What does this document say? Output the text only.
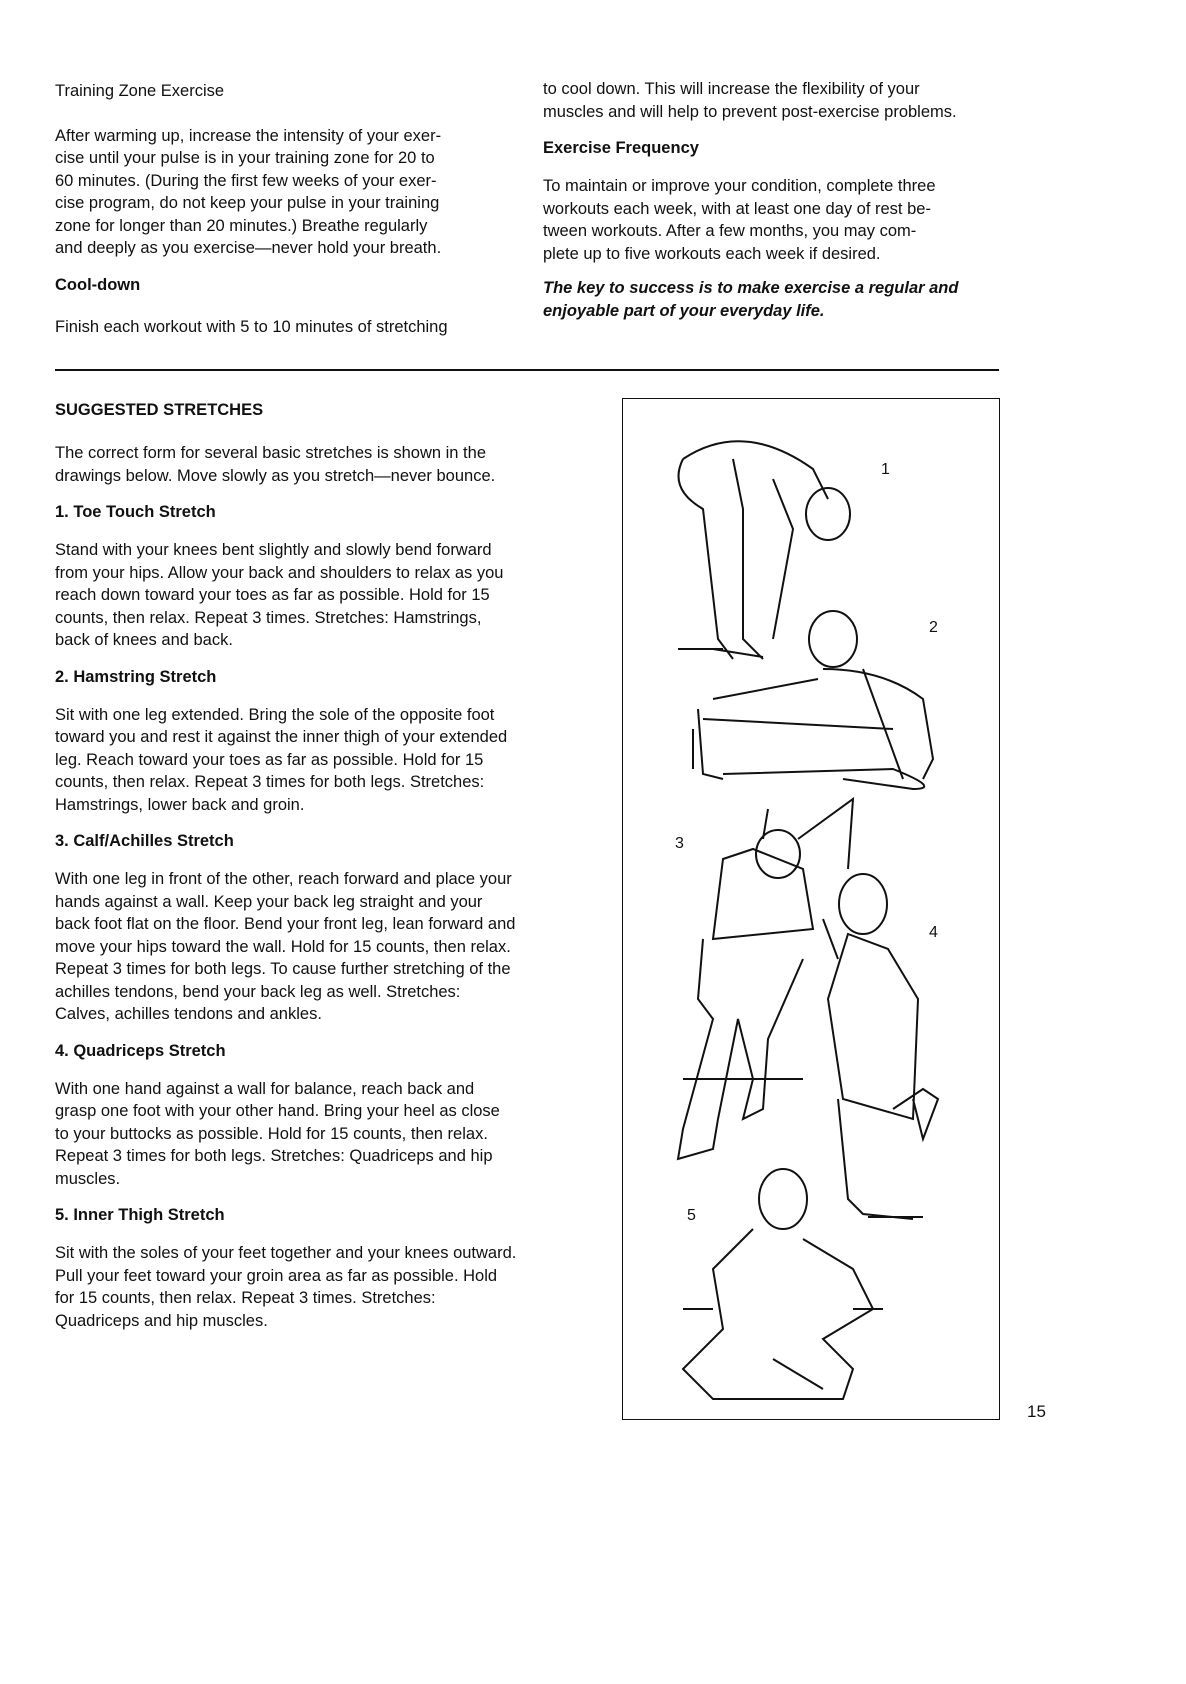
Training Zone Exercise
After warming up, increase the intensity of your exer-
cise until your pulse is in your training zone for 20 to
60 minutes. (During the first few weeks of your exer-
cise program, do not keep your pulse in your training
zone for longer than 20 minutes.) Breathe regularly
and deeply as you exercise—never hold your breath.
Cool-down
Finish each workout with 5 to 10 minutes of stretching
to cool down. This will increase the flexibility of your
muscles and will help to prevent post-exercise problems.
Exercise Frequency
To maintain or improve your condition, complete three
workouts each week, with at least one day of rest be-
tween workouts. After a few months, you may com-
plete up to five workouts each week if desired.
The key to success is to make exercise a regular and
enjoyable part of your everyday life.
SUGGESTED STRETCHES
The correct form for several basic stretches is shown in the
drawings below. Move slowly as you stretch—never bounce.
1. Toe Touch Stretch
Stand with your knees bent slightly and slowly bend forward
from your hips. Allow your back and shoulders to relax as you
reach down toward your toes as far as possible. Hold for 15
counts, then relax. Repeat 3 times. Stretches: Hamstrings,
back of knees and back.
2. Hamstring Stretch
Sit with one leg extended. Bring the sole of the opposite foot
toward you and rest it against the inner thigh of your extended
leg. Reach toward your toes as far as possible. Hold for 15
counts, then relax. Repeat 3 times for both legs. Stretches:
Hamstrings, lower back and groin.
3. Calf/Achilles Stretch
With one leg in front of the other, reach forward and place your
hands against a wall. Keep your back leg straight and your
back foot flat on the floor. Bend your front leg, lean forward and
move your hips toward the wall. Hold for 15 counts, then relax.
Repeat 3 times for both legs. To cause further stretching of the
achilles tendons, bend your back leg as well. Stretches:
Calves, achilles tendons and ankles.
4. Quadriceps Stretch
With one hand against a wall for balance, reach back and
grasp one foot with your other hand. Bring your heel as close
to your buttocks as possible. Hold for 15 counts, then relax.
Repeat 3 times for both legs. Stretches: Quadriceps and hip
muscles.
5. Inner Thigh Stretch
Sit with the soles of your feet together and your knees outward.
Pull your feet toward your groin area as far as possible. Hold
for 15 counts, then relax. Repeat 3 times. Stretches:
Quadriceps and hip muscles.
1
2
3
4
5
15
